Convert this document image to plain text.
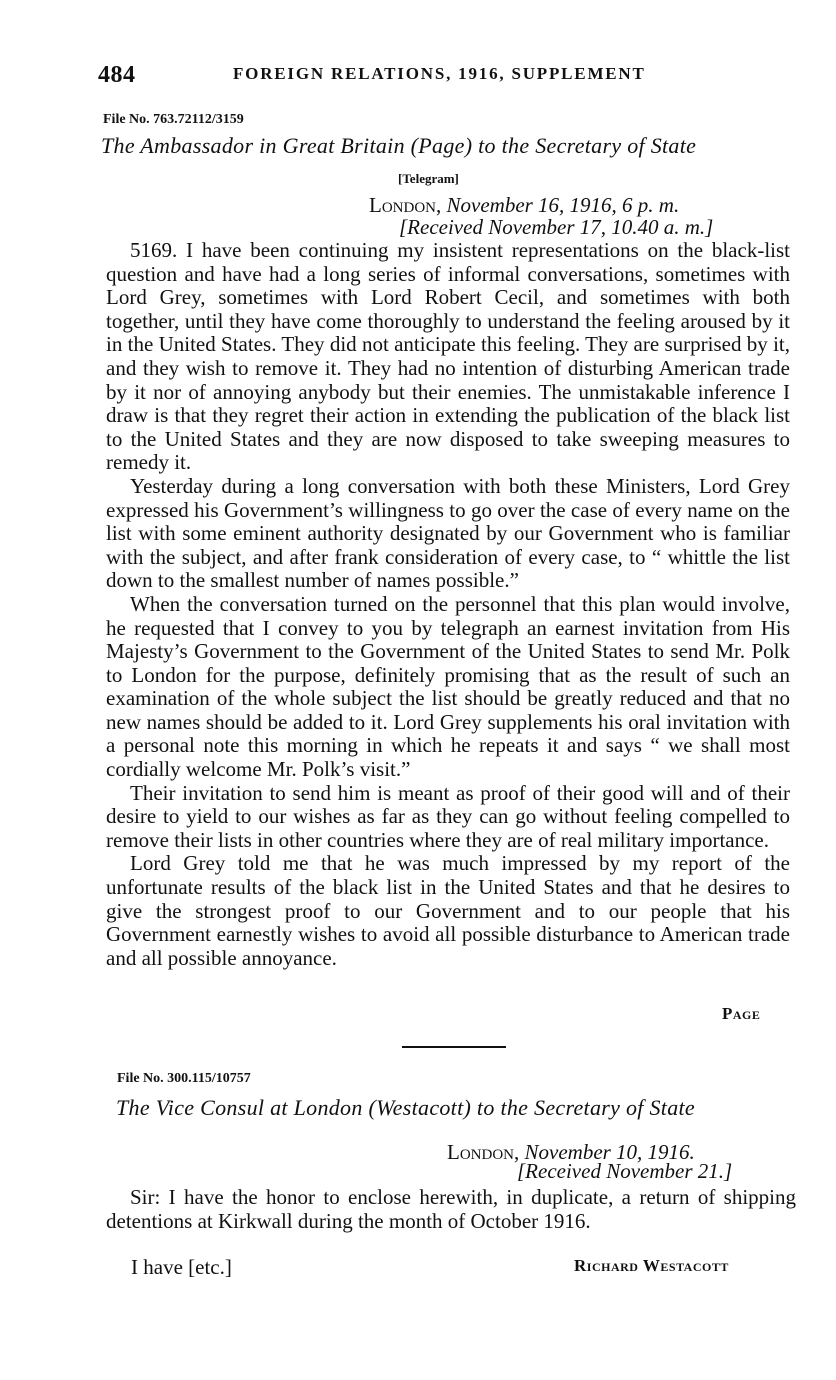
484	FOREIGN RELATIONS, 1916, SUPPLEMENT
File No. 763.72112/3159
The Ambassador in Great Britain (Page) to the Secretary of State
[Telegram]
London, November 16, 1916, 6 p. m.
[Received November 17, 10.40 a. m.]

5169. I have been continuing my insistent representations on the black-list question and have had a long series of informal conversations, sometimes with Lord Grey, sometimes with Lord Robert Cecil, and sometimes with both together, until they have come thoroughly to understand the feeling aroused by it in the United States. They did not anticipate this feeling. They are surprised by it, and they wish to remove it. They had no intention of disturbing American trade by it nor of annoying anybody but their enemies. The unmistakable inference I draw is that they regret their action in extending the publication of the black list to the United States and they are now disposed to take sweeping measures to remedy it.

Yesterday during a long conversation with both these Ministers, Lord Grey expressed his Government’s willingness to go over the case of every name on the list with some eminent authority designated by our Government who is familiar with the subject, and after frank consideration of every case, to “ whittle the list down to the smallest number of names possible.”

When the conversation turned on the personnel that this plan would involve, he requested that I convey to you by telegraph an earnest invitation from His Majesty’s Government to the Government of the United States to send Mr. Polk to London for the purpose, definitely promising that as the result of such an examination of the whole subject the list should be greatly reduced and that no new names should be added to it. Lord Grey supplements his oral invitation with a personal note this morning in which he repeats it and says “ we shall most cordially welcome Mr. Polk’s visit.”

Their invitation to send him is meant as proof of their good will and of their desire to yield to our wishes as far as they can go without feeling compelled to remove their lists in other countries where they are of real military importance.

Lord Grey told me that he was much impressed by my report of the unfortunate results of the black list in the United States and that he desires to give the strongest proof to our Government and to our people that his Government earnestly wishes to avoid all possible disturbance to American trade and all possible annoyance.

Page
File No. 300.115/10757
The Vice Consul at London (Westacott) to the Secretary of State
London, November 10, 1916.
[Received November 21.]

Sir: I have the honor to enclose herewith, in duplicate, a return of shipping detentions at Kirkwall during the month of October 1916.

I have [etc.]	Richard Westacott
